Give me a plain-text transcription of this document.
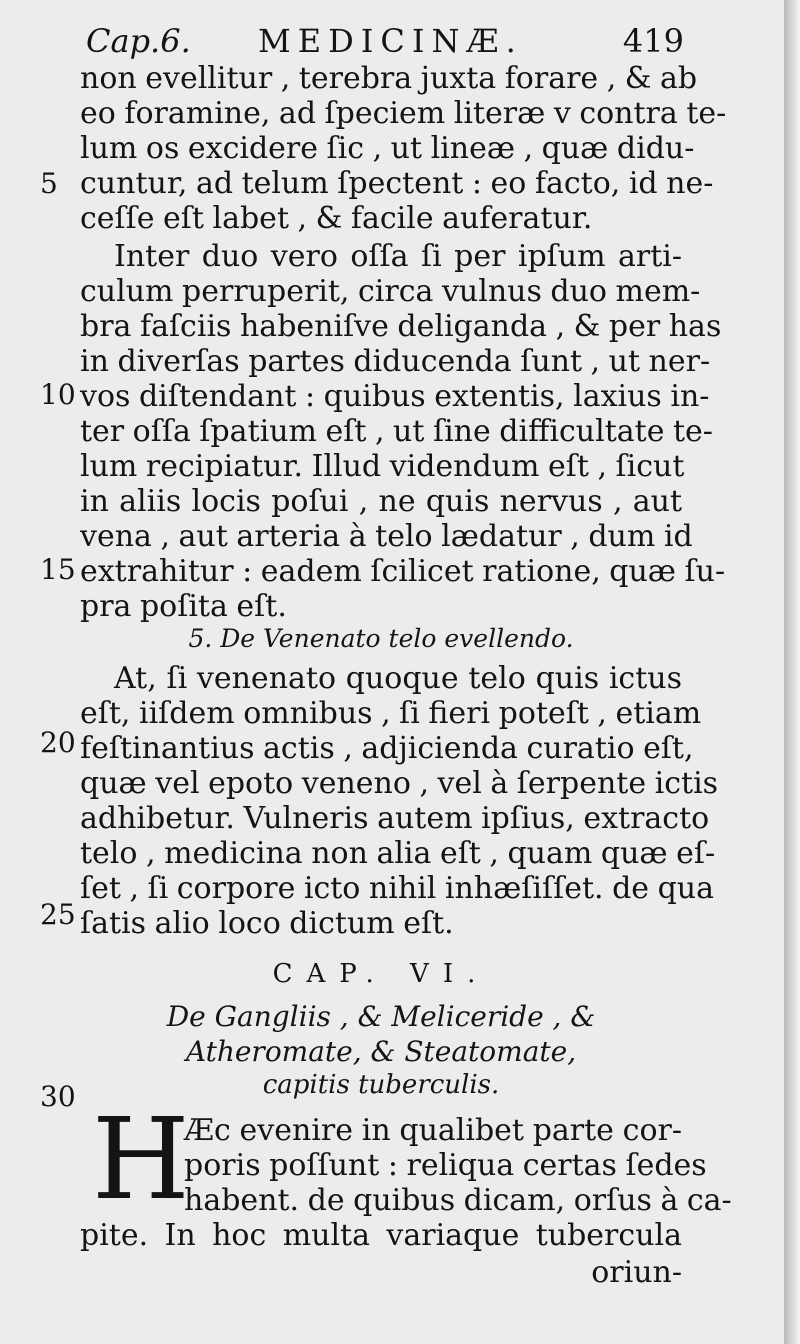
Cap.6. MEDICINÆ.	419
non evellitur , terebra juxta forare , & ab
eo foramine, ad ſpeciem literæ v contra te-
lum os excidere ſic , ut lineæ , quæ didu-
cuntur, ad telum ſpectent : eo facto, id ne-
ceſſe eſt labet , & facile auferatur.
Inter duo vero oſſa ſi per ipſum arti-
culum perruperit, circa vulnus duo mem-
bra faſciis habeniſve deliganda , & per has
in diverſas partes diducenda ſunt , ut ner-
vos diſtendant : quibus extentis, laxius in-
ter oſſa ſpatium eſt , ut ſine difficultate te-
lum recipiatur. Illud videndum eſt , ſicut
in aliis locis poſui , ne quis nervus , aut
vena , aut arteria à telo lædatur , dum id
extrahitur : eadem ſcilicet ratione, quæ ſu-
pra poſita eſt.
5. De Venenato telo evellendo.
At, ſi venenato quoque telo quis ictus
eſt, iiſdem omnibus , ſi fieri poteſt , etiam
feſtinantius actis , adjicienda curatio eſt,
quæ vel epoto veneno , vel à ſerpente ictis
adhibetur. Vulneris autem ipſius, extracto
telo , medicina non alia eſt , quam quæ eſ-
ſet , ſi corpore icto nihil inhæſiſſet. de qua
ſatis alio loco dictum eſt.
CAP. VI.
De Gangliis , & Meliceride , &
Atheromate, & Steatomate,
capitis tuberculis.
H
Æc evenire in qualibet parte cor-
poris poſſunt : reliqua certas ſedes
habent. de quibus dicam, orſus à ca-
pite. In hoc multa variaque tubercula
oriun-
5
10
15
20
25
30
